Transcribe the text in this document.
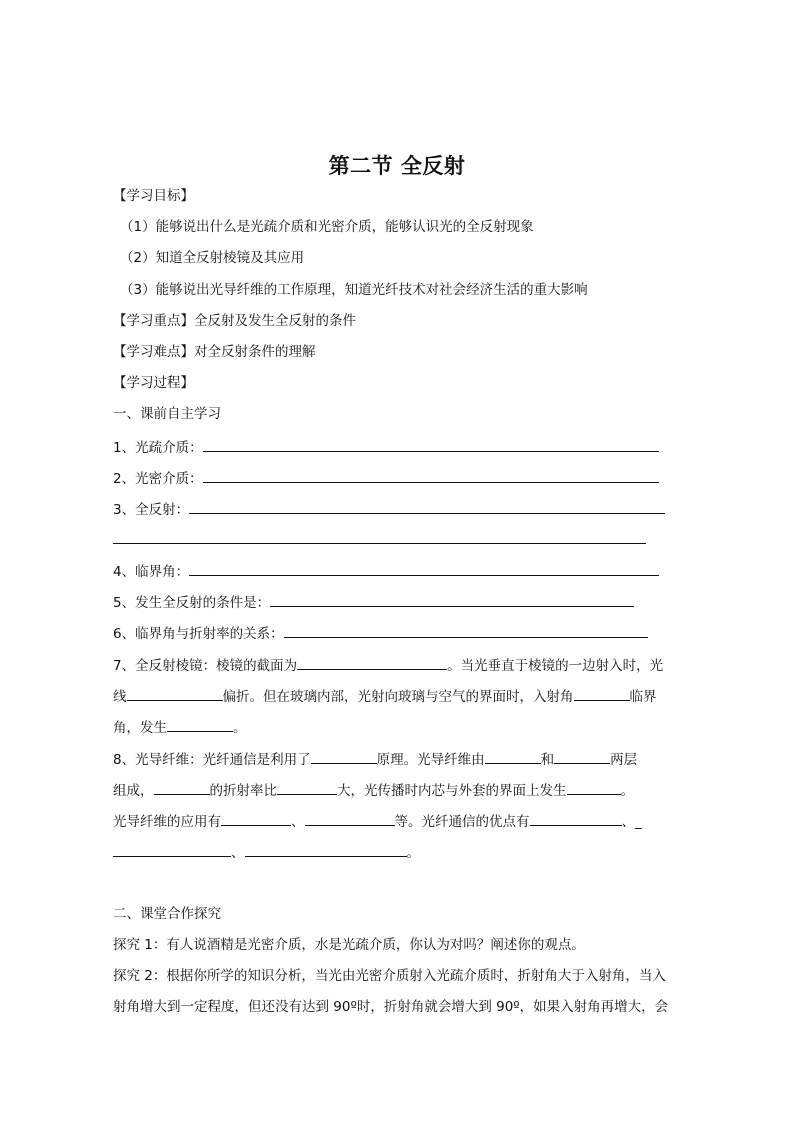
第二节 全反射
【学习目标】
（1）能够说出什么是光疏介质和光密介质，能够认识光的全反射现象
（2）知道全反射棱镜及其应用
（3）能够说出光导纤维的工作原理，知道光纤技术对社会经济生活的重大影响
【学习重点】全反射及发生全反射的条件
【学习难点】对全反射条件的理解
【学习过程】
一、课前自主学习
1、光疏介质：
2、光密介质：
3、全反射：
4、临界角：
5、发生全反射的条件是：
6、临界角与折射率的关系：
7、全反射棱镜：棱镜的截面为	。当光垂直于棱镜的一边射入时，光
线	偏折。但在玻璃内部，光射向玻璃与空气的界面时，入射角	临界
角，发生	。
8、光导纤维：光纤通信是利用了	原理。光导纤维由	和	两层
组成，	的折射率比	大，光传播时内芯与外套的界面上发生	。
光导纤维的应用有	、	等。光纤通信的优点有	、_
、	。
二、课堂合作探究
探究 1：有人说酒精是光密介质，水是光疏介质，你认为对吗？阐述你的观点。
探究 2：根据你所学的知识分析，当光由光密介质射入光疏介质时，折射角大于入射角，当入
射角增大到一定程度，但还没有达到 90º时，折射角就会增大到 90º，如果入射角再增大，会
